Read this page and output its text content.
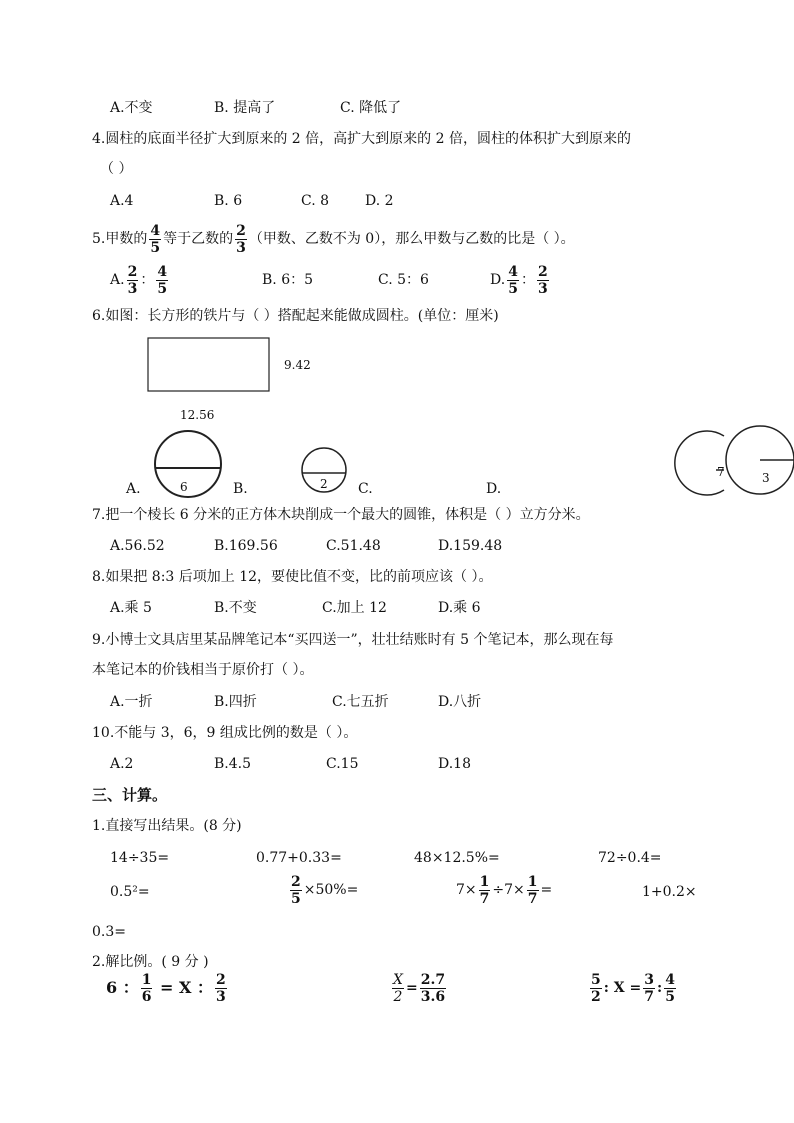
A.不变	B. 提高了	C. 降低了
4.圆柱的底面半径扩大到原来的 2 倍，高扩大到原来的 2 倍，圆柱的体积扩大到原来的
（ ）
A.4	B. 6	C. 8	D. 2
5.甲数的 $\frac{4}{5}$ 等于乙数的 $\frac{2}{3}$ （甲数、乙数不为 0），那么甲数与乙数的比是（ ）。
A. $\frac{2}{3}$ ： $\frac{4}{5}$	B. 6：5	C. 5：6	D. $\frac{4}{5}$ ： $\frac{2}{3}$
6.如图：长方形的铁片与（ ）搭配起来能做成圆柱。(单位：厘米)
9.42
12.56
6	2
7	3
A.	B.	C.	D.
7.把一个棱长 6 分米的正方体木块削成一个最大的圆锥，体积是（ ）立方分米。
A.56.52	B.169.56	C.51.48	D.159.48
8.如果把 8:3 后项加上 12，要使比值不变，比的前项应该（ ）。
A.乘 5	B.不变	C.加上 12	D.乘 6
9.小博士文具店里某品牌笔记本“买四送一”，壮壮结账时有 5 个笔记本，那么现在每
本笔记本的价钱相当于原价打（ ）。
A.一折	B.四折	C.七五折	D.八折
10.不能与 3，6，9 组成比例的数是（ ）。
A.2	B.4.5	C.15	D.18
三、计算。
1.直接写出结果。(8 分)
14÷35=	0.77+0.33=	48×12.5%=	72÷0.4=
0.5²=	$\frac{2}{5} \times 50\%=$	$7\times \frac{1}{7} \div 7\times \frac{1}{7}$ =	1+0.2×
0.3=
2.解比例。( 9 分 )
6 ： $\frac{1}{6} = X$ ： $\frac{2}{3}$	$\frac{X}{2} = \frac{2.7}{3.6}$	$\frac{5}{2}$ : $X = \frac{3}{7}$ : $\frac{4}{5}$
